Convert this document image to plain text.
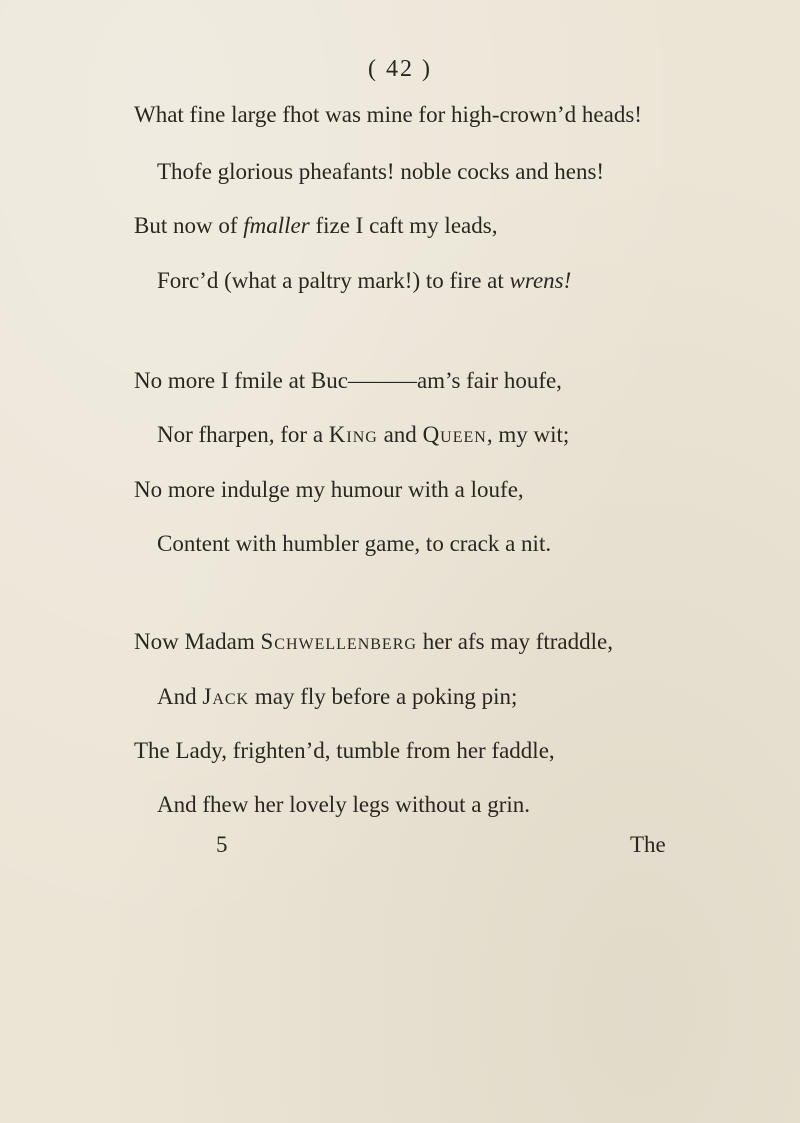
( 42 )
What fine large fhot was mine for high-crown’d heads!
Thofe glorious pheafants! noble cocks and hens!
But now of fmaller fize I caft my leads,
Forc’d (what a paltry mark!) to fire at wrens!
No more I fmile at Buc———am’s fair houfe,
Nor fharpen, for a King and Queen, my wit;
No more indulge my humour with a loufe,
Content with humbler game, to crack a nit.
Now Madam Schwellenberg her afs may ftraddle,
And Jack may fly before a poking pin;
The Lady, frighten’d, tumble from her faddle,
And fhew her lovely legs without a grin.
5	The
